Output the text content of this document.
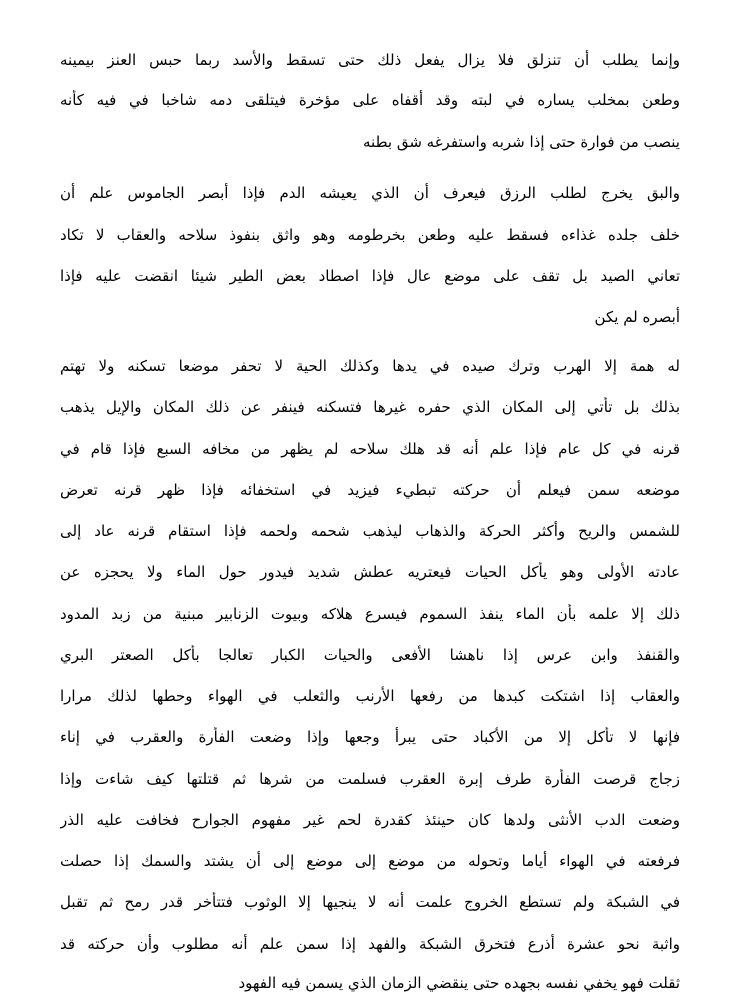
وإنما يطلب أن تنزلق فلا يزال يفعل ذلك حتى تسقط والأسد ربما حبس العنز بيمينه
وطعن بمخلب يساره في لبته وقد أقفاه على مؤخرة فيتلقى دمه شاخبا في فيه كأنه
ينصب من فوارة حتى إذا شربه واستفرغه شق بطنه
والبق يخرج لطلب الرزق فيعرف أن الذي يعيشه الدم فإذا أبصر الجاموس علم أن
خلف جلده غذاءه فسقط عليه وطعن بخرطومه وهو واثق بنفوذ سلاحه والعقاب لا تكاد
تعاني الصيد بل تقف على موضع عال فإذا اصطاد بعض الطير شيئا انقضت عليه فإذا
أبصره لم يكن
له همة إلا الهرب وترك صيده في يدها وكذلك الحية لا تحفر موضعا تسكنه ولا تهتم
بذلك بل تأتي إلى المكان الذي حفره غيرها فتسكنه فينفر عن ذلك المكان والإيل يذهب
قرنه في كل عام فإذا علم أنه قد هلك سلاحه لم يظهر من مخافه السبع فإذا قام في
موضعه سمن فيعلم أن حركته تبطيء فيزيد في استخفائه فإذا ظهر قرنه تعرض
للشمس والريح وأكثر الحركة والذهاب ليذهب شحمه ولحمه فإذا استقام قرنه عاد إلى
عادته الأولى وهو يأكل الحيات فيعتريه عطش شديد فيدور حول الماء ولا يحجزه عن
ذلك إلا علمه بأن الماء ينفذ السموم فيسرع هلاكه وبيوت الزنابير مبنية من زبد المدود
والقنفذ وابن عرس إذا ناهشا الأفعى والحيات الكبار تعالجا بأكل الصعتر البري
والعقاب إذا اشتكت كبدها من رفعها الأرنب والثعلب في الهواء وحطها لذلك مرارا
فإنها لا تأكل إلا من الأكباد حتى يبرأ وجعها وإذا وضعت الفأرة والعقرب في إناء
زجاج قرصت الفأرة طرف إبرة العقرب فسلمت من شرها ثم قتلتها كيف شاءت وإذا
وضعت الدب الأنثى ولدها كان حينئذ كقدرة لحم غير مفهوم الجوارح فخافت عليه الذر
فرفعته في الهواء أياما وتحوله من موضع إلى موضع إلى أن يشتد والسمك إذا حصلت
في الشبكة ولم تستطع الخروج علمت أنه لا ينجيها إلا الوثوب فتتأخر قدر رمح ثم تقبل
واثبة نحو عشرة أذرع فتخرق الشبكة والفهد إذا سمن علم أنه مطلوب وأن حركته قد
ثقلت فهو يخفي نفسه بجهده حتى ينقضي الزمان الذي يسمن فيه الفهود
